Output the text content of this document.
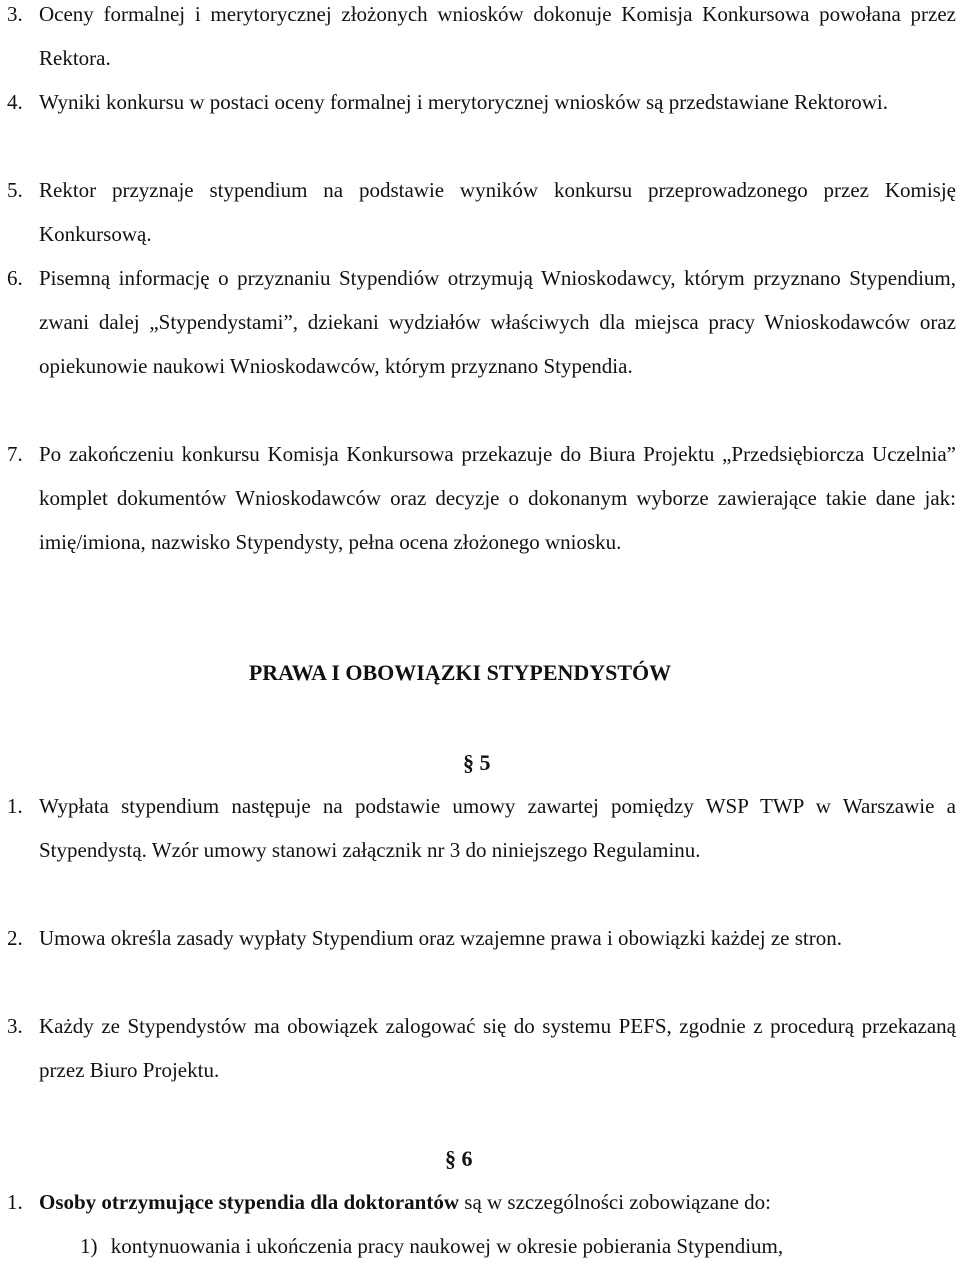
3. Oceny formalnej i merytorycznej złożonych wniosków dokonuje Komisja Konkursowa powołana przez Rektora.
4. Wyniki konkursu w postaci oceny formalnej i merytorycznej wniosków są przedstawiane Rektorowi.
5. Rektor przyznaje stypendium na podstawie wyników konkursu przeprowadzonego przez Komisję Konkursową.
6. Pisemną informację o przyznaniu Stypendiów otrzymują Wnioskodawcy, którym przyznano Stypendium, zwani dalej „Stypendystami”, dziekani wydziałów właściwych dla miejsca pracy Wnioskodawców oraz opiekunowie naukowi Wnioskodawców, którym przyznano Stypendia.
7. Po zakończeniu konkursu Komisja Konkursowa przekazuje do Biura Projektu „Przedsiębiorcza Uczelnia” komplet dokumentów Wnioskodawców oraz decyzje o dokonanym wyborze zawierające takie dane jak: imię/imiona, nazwisko Stypendysty, pełna ocena złożonego wniosku.
PRAWA I OBOWIĄZKI STYPENDYSTÓW
§ 5
1. Wypłata stypendium następuje na podstawie umowy zawartej pomiędzy WSP TWP w Warszawie a Stypendystą. Wzór umowy stanowi załącznik nr 3 do niniejszego Regulaminu.
2. Umowa określa zasady wypłaty Stypendium oraz wzajemne prawa i obowiązki każdej ze stron.
3. Każdy ze Stypendystów ma obowiązek zalogować się do systemu PEFS, zgodnie z procedurą przekazaną przez Biuro Projektu.
§ 6
1. Osoby otrzymujące stypendia dla doktorantów są w szczególności zobowiązane do:
1) kontynuowania i ukończenia pracy naukowej w okresie pobierania Stypendium,
